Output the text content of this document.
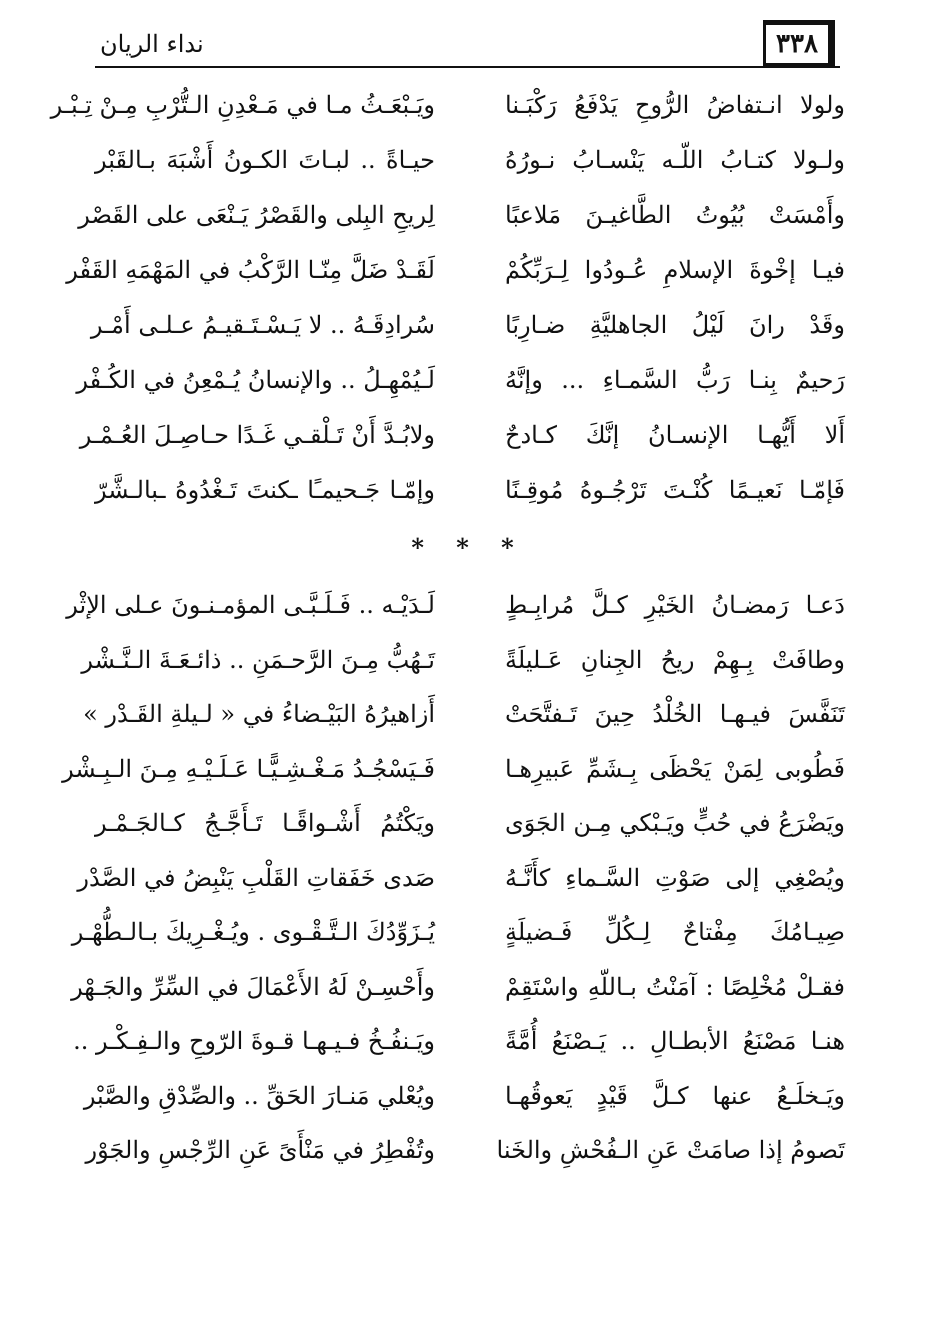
٣٣٨
نداء الريان
ولولا انـتفاضُ الرُّوحِ يَدْفَعُ رَكْبَـنا
ويَـبْعَـثُ مـا في مَـعْدِنِ الـتُّرْبِ مِـنْ تِـبْـر
ولـولا كتـابُ اللّـه يَنْسـابُ نـورُهُ
حيـاةً .. لبـاتَ الكـونُ أَشْبَهَ بـالقَبْر
وأَمْسَتْ بُيُوتُ الطَّاغيـنَ مَلاعبًا
لِريحِ البِلى والقَصْرُ يَـنْعَى على القَصْر
فيـا إخْوةَ الإسلامِ عُـودُوا لِـرَبِّكُمْ
لَقَـدْ ضَلَّ مِنّـا الرَّكْبُ في المَهْمَهِ القَفْر
وقَدْ رانَ لَيْلُ الجاهليَّةِ ضـارِبًا
سُرادِقَـهُ .. لا يَـسْـتَـقيـمُ عـلـى أَمْـر
رَحيمٌ بِنـا رَبُّ السَّمـاءِ ... وإنَّهُ
لَـيُمْهِـلُ .. والإنسانُ يُـمْعِنُ في الكُـفْر
أَلا أَيُّهـا الإنسـانُ إنَّكَ كـادحٌ
ولابُـدَّ أَنْ تَـلْقـي غَـدًا حـاصِـلَ العُـمْـر
فَإمّـا نَعيـمًا كُنْـتَ تَرْجُـوهُ مُوقِـنًا
وإمّـا جَـحيمـًا ـكنتَ تَـغْدُوهُ ـبالـشَّرّ
* * *
دَعـا رَمضـانُ الخَيْرِ كـلَّ مُرابِـطٍ
لَـدَيْـه .. فَـلَـبَّـى المؤمـنـونَ عـلى الإثْر
وطافَتْ بِـهِمْ ريحُ الجِنانِ عَـليلَةً
تَـهُبُّ مِـنَ الرَّحـمَنِ .. ذائـعَـةَ الـنَّـشْر
تَنَفَّسَ فيـهـا الخُلْدُ حِينَ تَـفتَّحَتْ
أَزاهيرُهُ البَيْـضاءُ في « لـيلةِ القَـدْر »
فَطُوبى لِمَنْ يَحْظَى بِـشَمِّ عَبيرِهـا
فَـيَسْجُـدُ مَـغْـشِـيًّـا عَـلَـيْـهِ مِـنَ الـبِـشْر
ويَضْرَعُ في حُبٍّ ويَـبْكي مِـن الجَوَى
ويَكْتُمُ أَشْـواقًـا تَـأَجَّـجُ كـالجَـمْـر
ويُصْغِي إلى صَوْتِ السَّـماءِ كأَنَّـهُ
صَدى خَفَقاتِ القَلْبِ يَنْبِضُ في الصَّدْر
صِيـامُكَ مِفْتاحٌ لِـكُلِّ فَـضيلَةٍ
يُـزَوِّدُكَ الـتَّـقْـوى . ويُـغْـرِيكَ بـالـطُّهْـر
فقـلْ مُخْلِصًا : آمَنْتُ بـاللّهِ واسْتَقِمْ
وأَحْسِـنْ لَهُ الأَعْمَالَ في السِّرِّ والجَـهْر
هنـا مَصْنَعُ الأبطـالِ .. يَـصْنَعُ أُمَّةً
ويَـنفُـخُ فـيـهـا قـوةَ الرّوحِ والـفِـكْـر ..
ويَـخلَـعُ عنها كـلَّ قَيْدٍ يَعوقُهـا
ويُعْلي مَنـارَ الحَقِّ .. والصِّدْقِ والصَّبْر
تَصومُ إذا صامَتْ عَنِ الـفُحْشِ والخَنا
وتُفْطِرُ في مَنْأَىً عَنِ الرِّجْسِ والجَوْر
